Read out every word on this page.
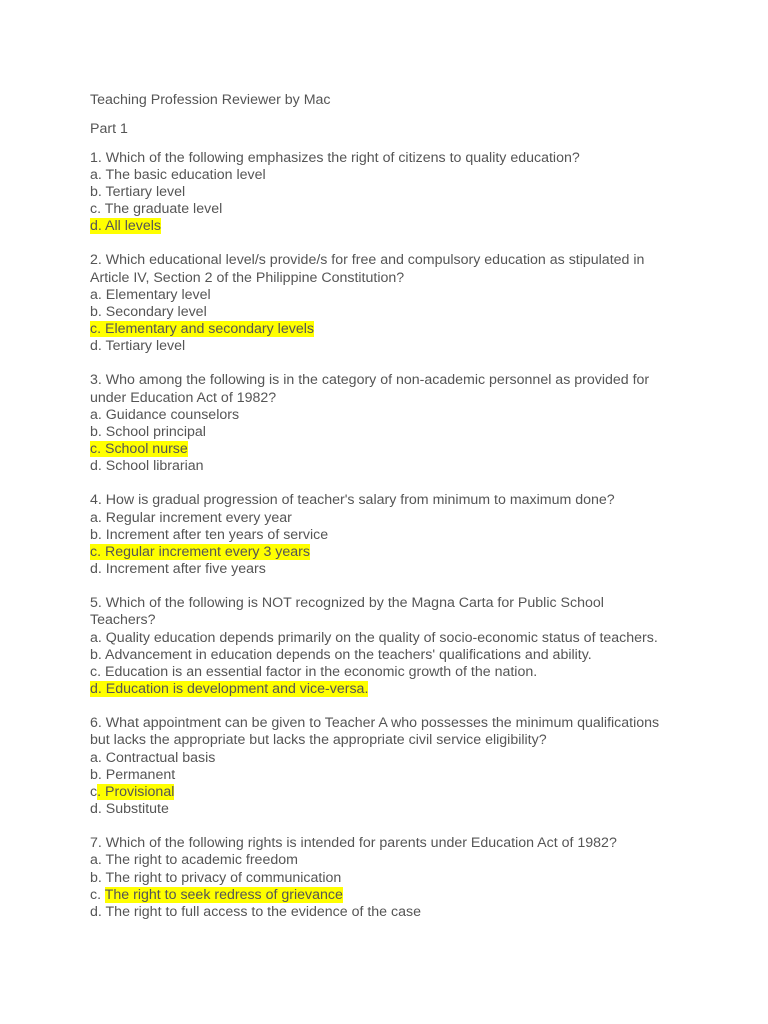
Teaching Profession Reviewer by Mac
Part 1
1. Which of the following emphasizes the right of citizens to quality education?
a. The basic education level
b. Tertiary level
c. The graduate level
d. All levels
2. Which educational level/s provide/s for free and compulsory education as stipulated in
Article IV, Section 2 of the Philippine Constitution?
a. Elementary level
b. Secondary level
c. Elementary and secondary levels
d. Tertiary level
3. Who among the following is in the category of non-academic personnel as provided for
under Education Act of 1982?
a. Guidance counselors
b. School principal
c. School nurse
d. School librarian
4. How is gradual progression of teacher's salary from minimum to maximum done?
a. Regular increment every year
b. Increment after ten years of service
c. Regular increment every 3 years
d. Increment after five years
5. Which of the following is NOT recognized by the Magna Carta for Public School
Teachers?
a. Quality education depends primarily on the quality of socio-economic status of teachers.
b. Advancement in education depends on the teachers' qualifications and ability.
c. Education is an essential factor in the economic growth of the nation.
d. Education is development and vice-versa.
6. What appointment can be given to Teacher A who possesses the minimum qualifications
but lacks the appropriate but lacks the appropriate civil service eligibility?
a. Contractual basis
b. Permanent
c. Provisional
d. Substitute
7. Which of the following rights is intended for parents under Education Act of 1982?
a. The right to academic freedom
b. The right to privacy of communication
c. The right to seek redress of grievance
d. The right to full access to the evidence of the case
